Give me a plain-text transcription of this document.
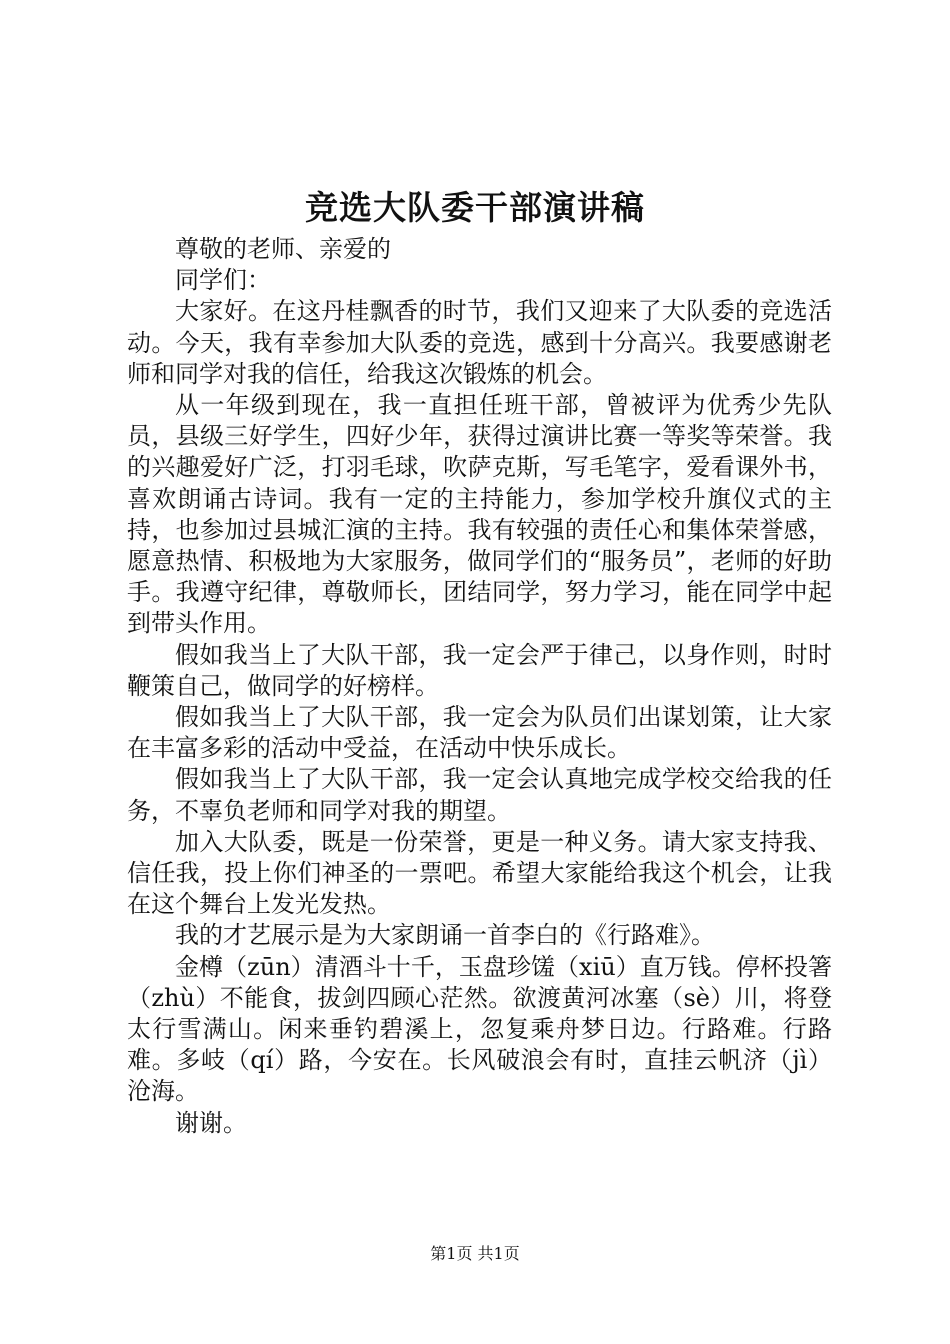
竞选大队委干部演讲稿

尊敬的老师、亲爱的

同学们：

大家好。在这丹桂飘香的时节，我们又迎来了大队委的竞选活动。今天，我有幸参加大队委的竞选，感到十分高兴。我要感谢老师和同学对我的信任，给我这次锻炼的机会。

从一年级到现在，我一直担任班干部，曾被评为优秀少先队员，县级三好学生，四好少年，获得过演讲比赛一等奖等荣誉。我的兴趣爱好广泛，打羽毛球，吹萨克斯，写毛笔字，爱看课外书，喜欢朗诵古诗词。我有一定的主持能力，参加学校升旗仪式的主持，也参加过县城汇演的主持。我有较强的责任心和集体荣誉感，愿意热情、积极地为大家服务，做同学们的“服务员”，老师的好助手。我遵守纪律，尊敬师长，团结同学，努力学习，能在同学中起到带头作用。

假如我当上了大队干部，我一定会严于律己，以身作则，时时鞭策自己，做同学的好榜样。

假如我当上了大队干部，我一定会为队员们出谋划策，让大家在丰富多彩的活动中受益，在活动中快乐成长。

假如我当上了大队干部，我一定会认真地完成学校交给我的任务，不辜负老师和同学对我的期望。

加入大队委，既是一份荣誉，更是一种义务。请大家支持我、信任我，投上你们神圣的一票吧。希望大家能给我这个机会，让我在这个舞台上发光发热。

我的才艺展示是为大家朗诵一首李白的《行路难》。

金樽（zūn）清酒斗十千，玉盘珍馐（xiū）直万钱。停杯投箸（zhù）不能食，拔剑四顾心茫然。欲渡黄河冰塞（sè）川，将登太行雪满山。闲来垂钓碧溪上，忽复乘舟梦日边。行路难。行路难。多岐（qí）路，今安在。长风破浪会有时，直挂云帆济（jì）沧海。

谢谢。

第1页 共1页
